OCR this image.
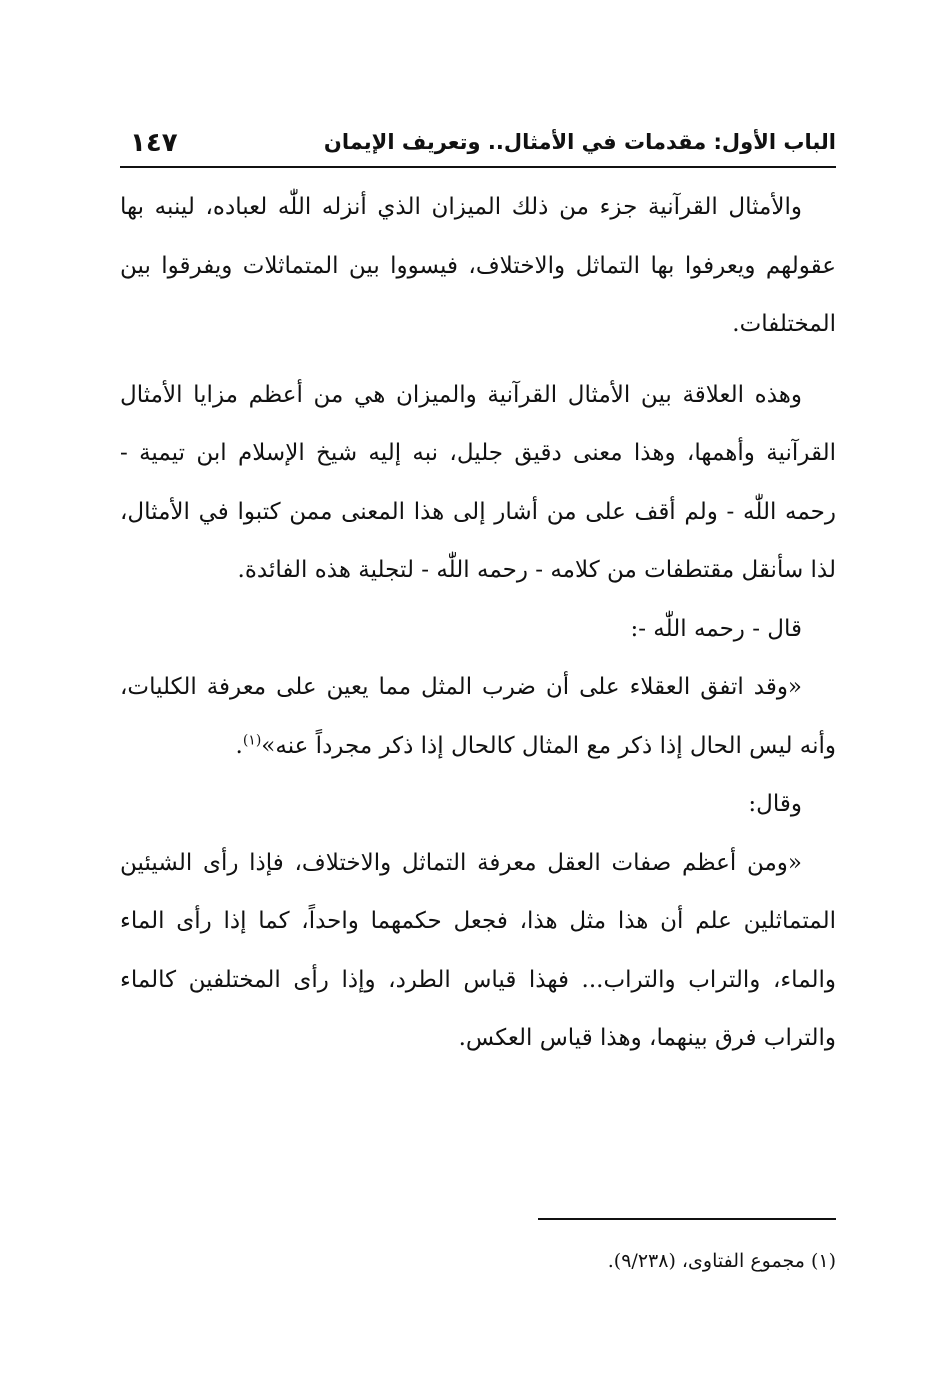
الباب الأول: مقدمات في الأمثال.. وتعريف الإيمان
١٤٧

والأمثال القرآنية جزء من ذلك الميزان الذي أنزله اللّٰه لعباده، لينبه بها عقولهم ويعرفوا بها التماثل والاختلاف، فيسووا بين المتماثلات ويفرقوا بين المختلفات.

وهذه العلاقة بين الأمثال القرآنية والميزان هي من أعظم مزايا الأمثال القرآنية وأهمها، وهذا معنى دقيق جليل، نبه إليه شيخ الإسلام ابن تيمية - رحمه اللّٰه - ولم أقف على من أشار إلى هذا المعنى ممن كتبوا في الأمثال، لذا سأنقل مقتطفات من كلامه - رحمه اللّٰه - لتجلية هذه الفائدة.

قال - رحمه اللّٰه -:

«وقد اتفق العقلاء على أن ضرب المثل مما يعين على معرفة الكليات، وأنه ليس الحال إذا ذكر مع المثال كالحال إذا ذكر مجرداً عنه»$^{(١)}$.

وقال:

«ومن أعظم صفات العقل معرفة التماثل والاختلاف، فإذا رأى الشيئين المتماثلين علم أن هذا مثل هذا، فجعل حكمهما واحداً، كما إذا رأى الماء والماء، والتراب والتراب... فهذا قياس الطرد، وإذا رأى المختلفين كالماء والتراب فرق بينهما، وهذا قياس العكس.

(١) مجموع الفتاوى، (٩/٢٣٨).
